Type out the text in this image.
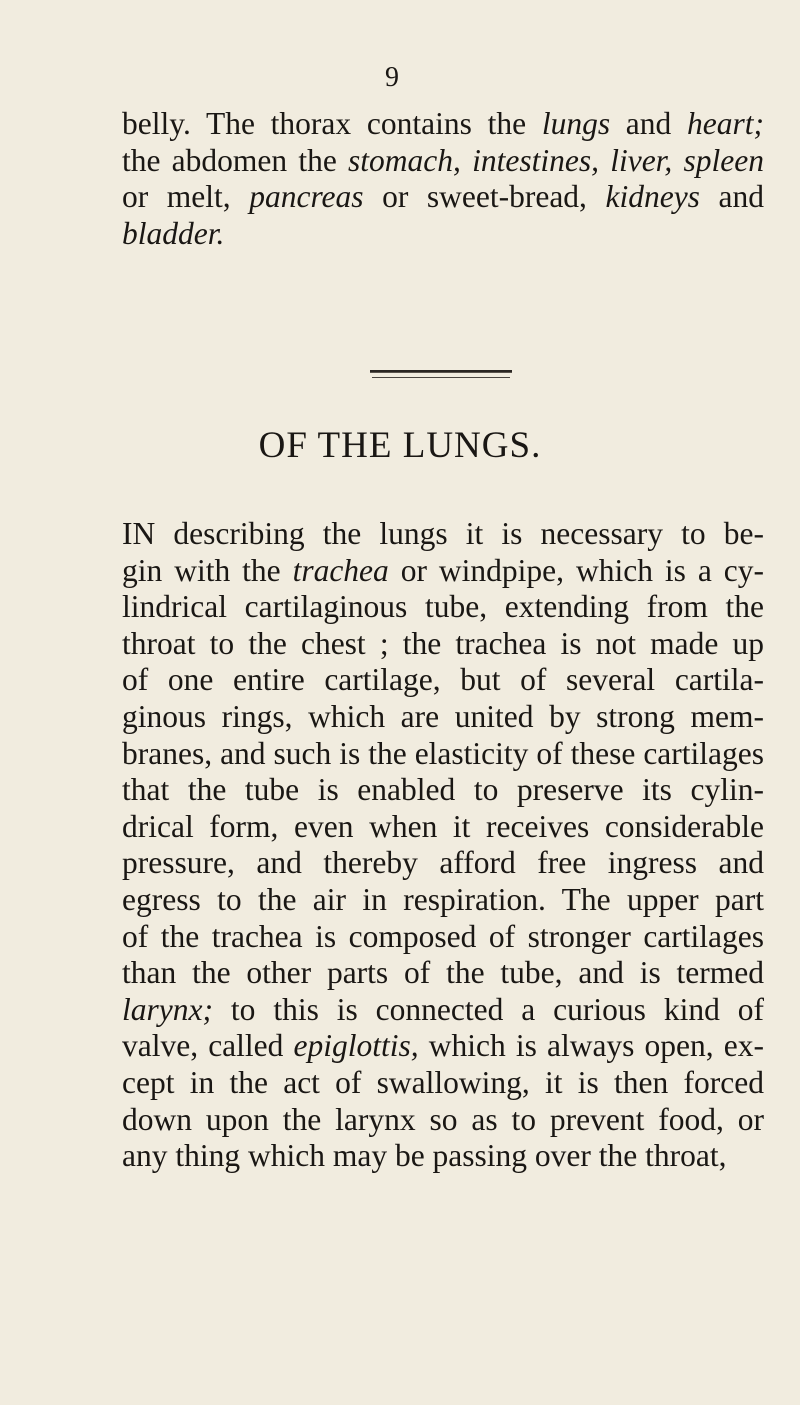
9
belly. The thorax contains the lungs and heart;
the abdomen the stomach, intestines, liver, spleen
or melt, pancreas or sweet-bread, kidneys and
bladder.
OF THE LUNGS.
IN describing the lungs it is necessary to be-
gin with the trachea or windpipe, which is a cy-
lindrical cartilaginous tube, extending from the
throat to the chest ; the trachea is not made up
of one entire cartilage, but of several cartila-
ginous rings, which are united by strong mem-
branes, and such is the elasticity of these cartilages
that the tube is enabled to preserve its cylin-
drical form, even when it receives considerable
pressure, and thereby afford free ingress and
egress to the air in respiration. The upper part
of the trachea is composed of stronger cartilages
than the other parts of the tube, and is termed
larynx; to this is connected a curious kind of
valve, called epiglottis, which is always open, ex-
cept in the act of swallowing, it is then forced
down upon the larynx so as to prevent food, or
any thing which may be passing over the throat,
